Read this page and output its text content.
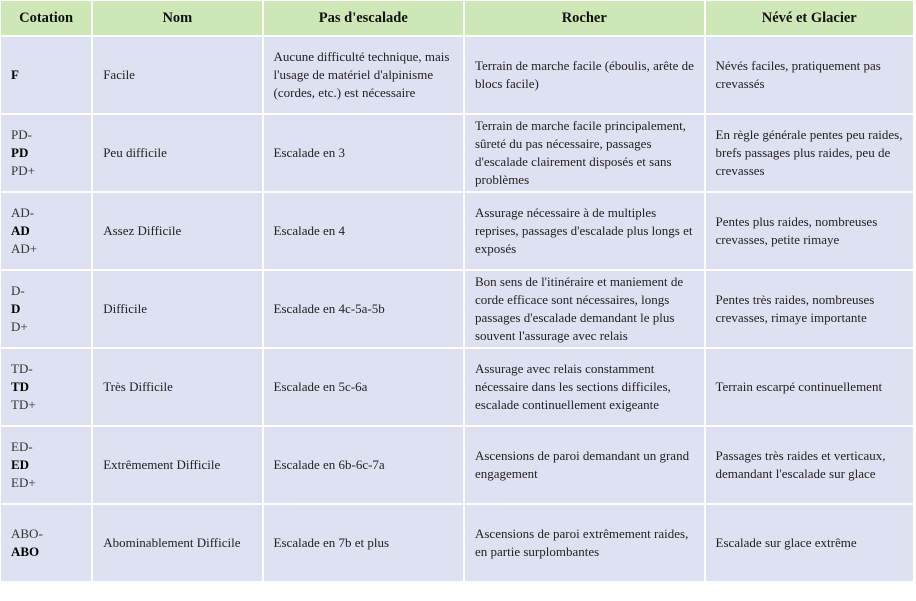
Cotation	Nom	Pas d'escalade	Rocher	Névé et Glacier

F	Facile	Aucune difficulté technique, mais l'usage de matériel d'alpinisme (cordes, etc.) est nécessaire	Terrain de marche facile (éboulis, arête de blocs facile)	Névés faciles, pratiquement pas crevassés

PD-
PD
PD+	Peu difficile	Escalade en 3	Terrain de marche facile principalement, sûreté du pas nécessaire, passages d'escalade clairement disposés et sans problèmes	En règle générale pentes peu raides, brefs passages plus raides, peu de crevasses

AD-
AD
AD+	Assez Difficile	Escalade en 4	Assurage nécessaire à de multiples reprises, passages d'escalade plus longs et exposés	Pentes plus raides, nombreuses crevasses, petite rimaye

D-
D
D+	Difficile	Escalade en 4c-5a-5b	Bon sens de l'itinéraire et maniement de corde efficace sont nécessaires, longs passages d'escalade demandant le plus souvent l'assurage avec relais	Pentes très raides, nombreuses crevasses, rimaye importante

TD-
TD
TD+	Très Difficile	Escalade en 5c-6a	Assurage avec relais constamment nécessaire dans les sections difficiles, escalade continuellement exigeante	Terrain escarpé continuellement

ED-
ED
ED+	Extrêmement Difficile	Escalade en 6b-6c-7a	Ascensions de paroi demandant un grand engagement	Passages très raides et verticaux, demandant l'escalade sur glace

ABO-
ABO	Abominablement Difficile	Escalade en 7b et plus	Ascensions de paroi extrêmement raides, en partie surplombantes	Escalade sur glace extrême
